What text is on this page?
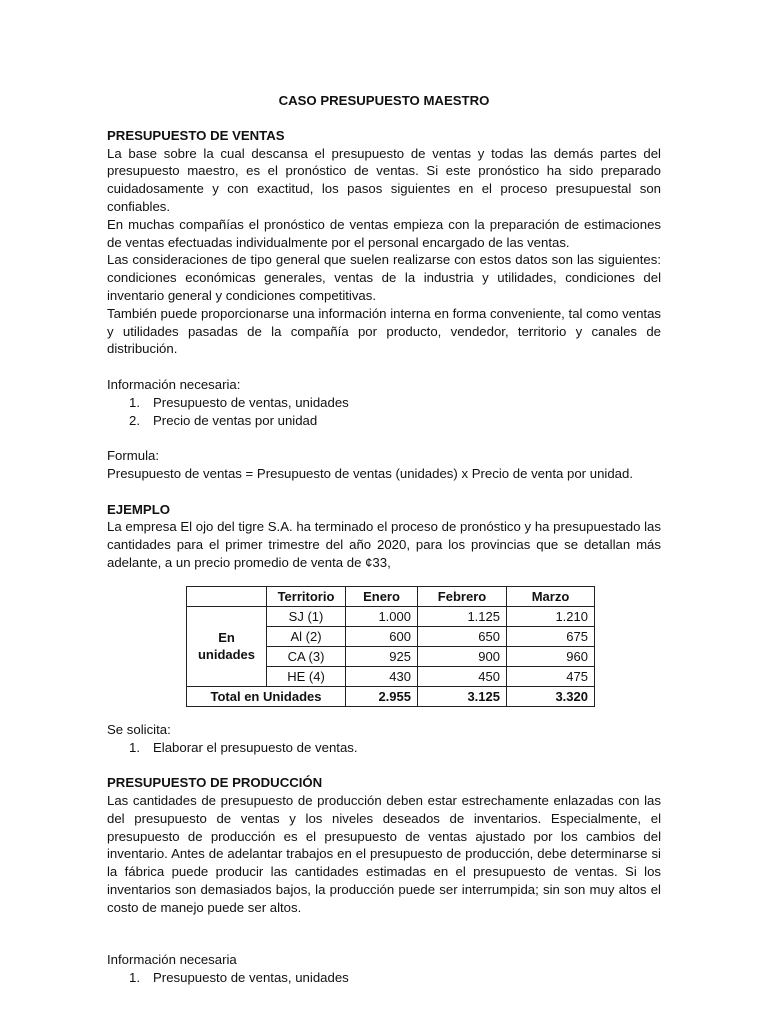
CASO PRESUPUESTO MAESTRO

PRESUPUESTO DE VENTAS

La base sobre la cual descansa el presupuesto de ventas y todas las demás partes del presupuesto maestro, es el pronóstico de ventas. Si este pronóstico ha sido preparado cuidadosamente y con exactitud, los pasos siguientes en el proceso presupuestal son confiables.

En muchas compañías el pronóstico de ventas empieza con la preparación de estimaciones de ventas efectuadas individualmente por el personal encargado de las ventas.

Las consideraciones de tipo general que suelen realizarse con estos datos son las siguientes: condiciones económicas generales, ventas de la industria y utilidades, condiciones del inventario general y condiciones competitivas.

También puede proporcionarse una información interna en forma conveniente, tal como ventas y utilidades pasadas de la compañía por producto, vendedor, territorio y canales de distribución.

Información necesaria:

1. Presupuesto de ventas, unidades
2. Precio de ventas por unidad

Formula:

Presupuesto de ventas = Presupuesto de ventas (unidades) x Precio de venta por unidad.

EJEMPLO

La empresa El ojo del tigre S.A. ha terminado el proceso de pronóstico y ha presupuestado las cantidades para el primer trimestre del año 2020, para los provincias que se detallan más adelante, a un precio promedio de venta de ¢33,

	Territorio	Enero	Febrero	Marzo
En
unidades	SJ (1)	1.000	1.125	1.210
	Al (2)	600	650	675
	CA (3)	925	900	960
	HE (4)	430	450	475
Total en Unidades		2.955	3.125	3.320

Se solicita:

1. Elaborar el presupuesto de ventas.

PRESUPUESTO DE PRODUCCIÓN

Las cantidades de presupuesto de producción deben estar estrechamente enlazadas con las del presupuesto de ventas y los niveles deseados de inventarios. Especialmente, el presupuesto de producción es el presupuesto de ventas ajustado por los cambios del inventario. Antes de adelantar trabajos en el presupuesto de producción, debe determinarse si la fábrica puede producir las cantidades estimadas en el presupuesto de ventas. Si los inventarios son demasiados bajos, la producción puede ser interrumpida; sin son muy altos el costo de manejo puede ser altos.

Información necesaria

1. Presupuesto de ventas, unidades
